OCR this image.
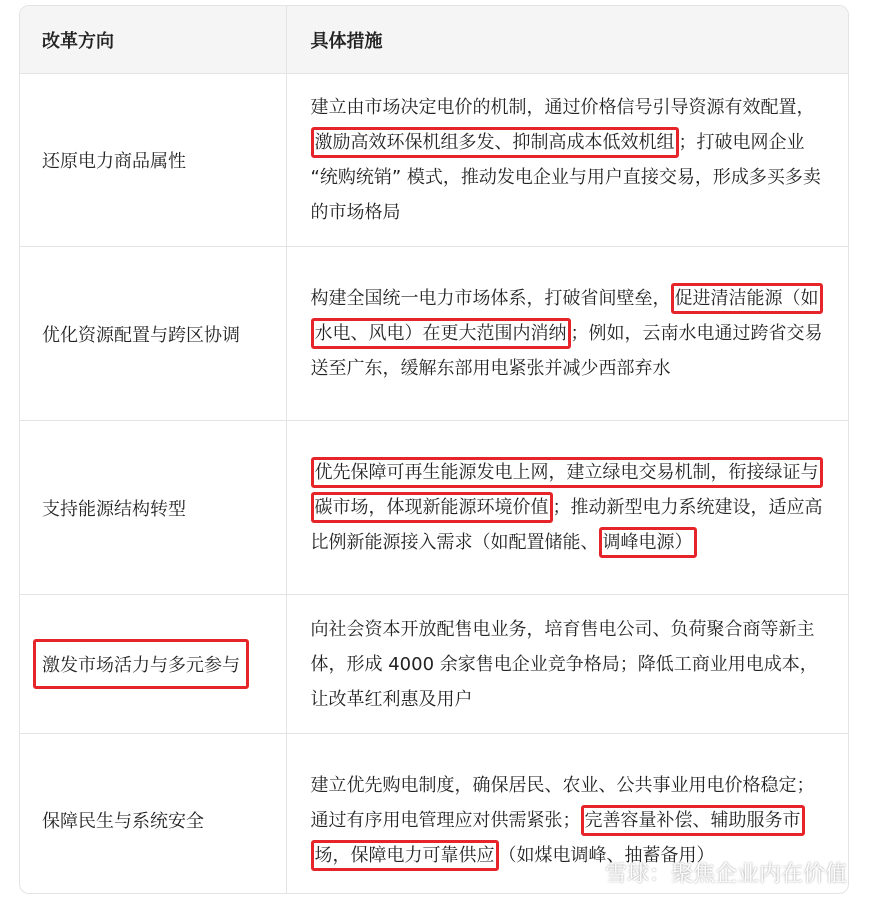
改革方向	具体措施
还原电力商品属性	建立由市场决定电价的机制，通过价格信号引导资源有效配置，激励高效环保机组多发、抑制高成本低效机组 ；打破电网企业 “统购统销” 模式，推动发电企业与用户直接交易，形成多买多卖的市场格局
优化资源配置与跨区协调	构建全国统一电力市场体系，打破省间壁垒， 促进清洁能源（如水电、风电）在更大范围内消纳 ；例如，云南水电通过跨省交易送至广东，缓解东部用电紧张并减少西部弃水
支持能源结构转型	优先保障可再生能源发电上网，建立绿电交易机制，衔接绿证与碳市场，体现新能源环境价值 ；推动新型电力系统建设，适应高比例新能源接入需求（如配置储能、 调峰电源）
激发市场活力与多元参与	向社会资本开放配售电业务，培育售电公司、负荷聚合商等新主体，形成 4000 余家售电企业竞争格局；降低工商业用电成本，让改革红利惠及用户
保障民生与系统安全	建立优先购电制度，确保居民、农业、公共事业用电价格稳定；通过有序用电管理应对供需紧张； 完善容量补偿、辅助服务市场，保障电力可靠供应 （如煤电调峰、抽蓄备用）
雪球：聚焦企业内在价值
